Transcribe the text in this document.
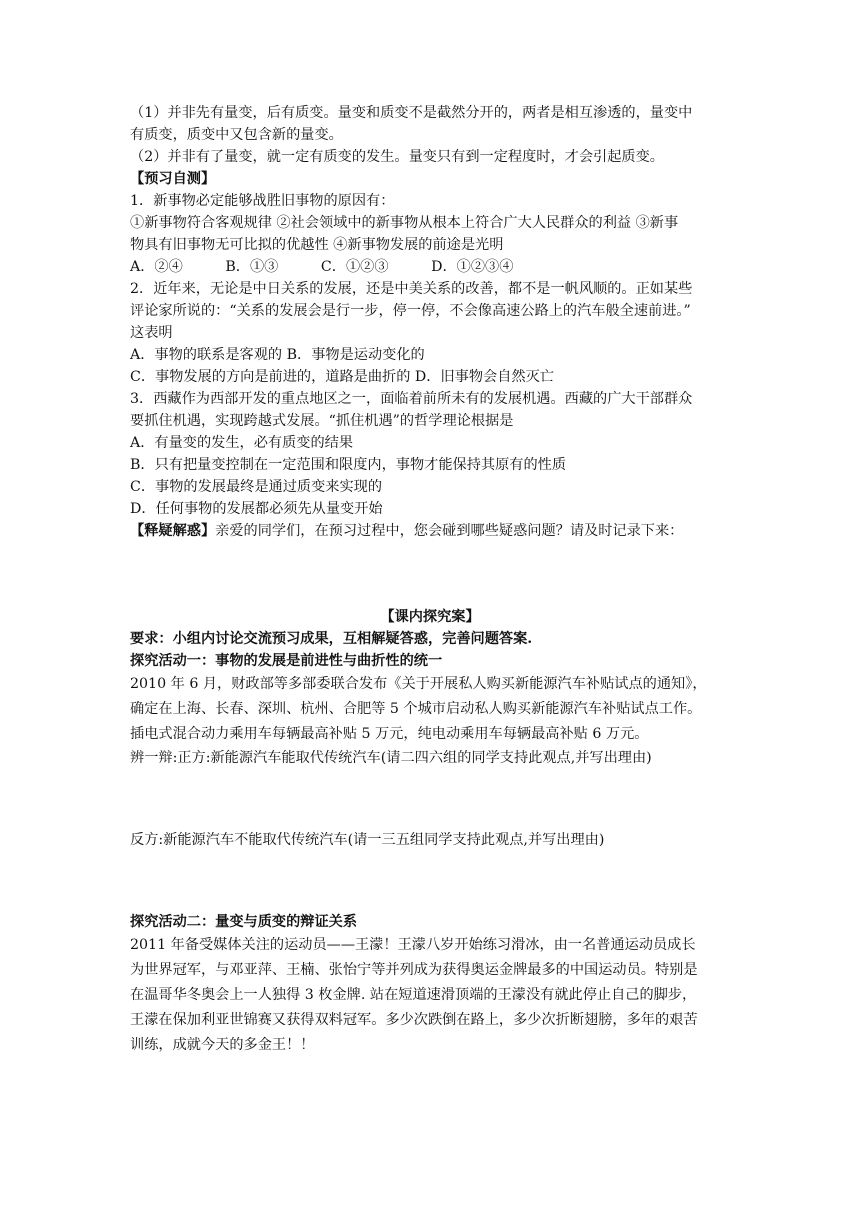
（1）并非先有量变，后有质变。量变和质变不是截然分开的，两者是相互渗透的，量变中
有质变，质变中又包含新的量变。
（2）并非有了量变，就一定有质变的发生。量变只有到一定程度时，才会引起质变。
【预习自测】
1．新事物必定能够战胜旧事物的原因有：
①新事物符合客观规律 ②社会领域中的新事物从根本上符合广大人民群众的利益 ③新事
物具有旧事物无可比拟的优越性 ④新事物发展的前途是光明
A．②④　　　B．①③　　　C．①②③　　　D．①②③④
2．近年来，无论是中日关系的发展，还是中美关系的改善，都不是一帆风顺的。正如某些
评论家所说的：“关系的发展会是行一步，停一停，不会像高速公路上的汽车般全速前进。”
这表明
A．事物的联系是客观的 B．事物是运动变化的
C．事物发展的方向是前进的，道路是曲折的 D．旧事物会自然灭亡
3．西藏作为西部开发的重点地区之一，面临着前所未有的发展机遇。西藏的广大干部群众
要抓住机遇，实现跨越式发展。“抓住机遇”的哲学理论根据是
A．有量变的发生，必有质变的结果
B．只有把量变控制在一定范围和限度内，事物才能保持其原有的性质
C．事物的发展最终是通过质变来实现的
D．任何事物的发展都必须先从量变开始
【释疑解惑】亲爱的同学们，在预习过程中，您会碰到哪些疑惑问题？请及时记录下来：
【课内探究案】
要求：小组内讨论交流预习成果，互相解疑答惑，完善问题答案.
探究活动一：事物的发展是前进性与曲折性的统一
2010 年 6 月，财政部等多部委联合发布《关于开展私人购买新能源汽车补贴试点的通知》，
确定在上海、长春、深圳、杭州、合肥等 5 个城市启动私人购买新能源汽车补贴试点工作。
插电式混合动力乘用车每辆最高补贴 5 万元，纯电动乘用车每辆最高补贴 6 万元。
辨一辩:正方:新能源汽车能取代传统汽车(请二四六组的同学支持此观点,并写出理由)
反方:新能源汽车不能取代传统汽车(请一三五组同学支持此观点,并写出理由)
探究活动二：量变与质变的辩证关系
2011 年备受媒体关注的运动员——王濛！王濛八岁开始练习滑冰，由一名普通运动员成长
为世界冠军，与邓亚萍、王楠、张怡宁等并列成为获得奥运金牌最多的中国运动员。特别是
在温哥华冬奥会上一人独得 3 枚金牌. 站在短道速滑顶端的王濛没有就此停止自己的脚步，
王濛在保加利亚世锦赛又获得双料冠军。多少次跌倒在路上，多少次折断翅膀，多年的艰苦
训练，成就今天的多金王！！
